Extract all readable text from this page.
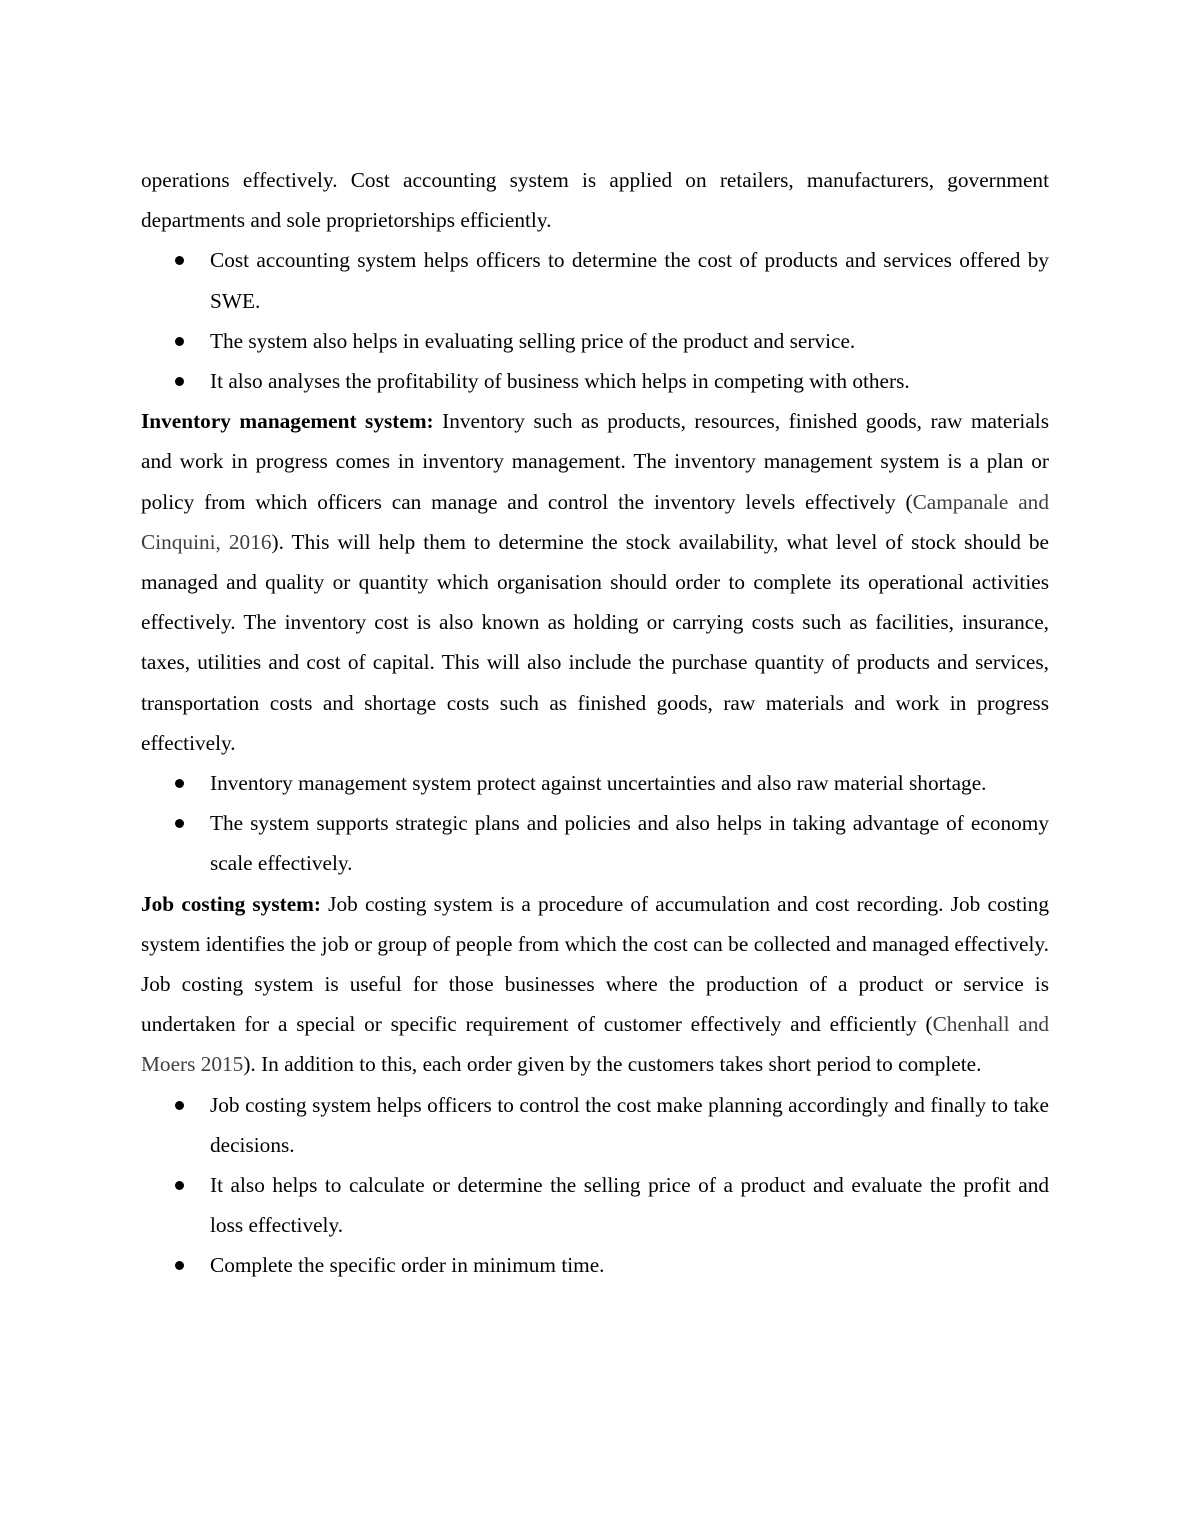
operations effectively. Cost accounting system is applied on retailers, manufacturers, government departments and sole proprietorships efficiently.

Cost accounting system helps officers to determine the cost of products and services offered by SWE.
The system also helps in evaluating selling price of the product and service.
It also analyses the profitability of business which helps in competing with others.

Inventory management system: Inventory such as products, resources, finished goods, raw materials and work in progress comes in inventory management. The inventory management system is a plan or policy from which officers can manage and control the inventory levels effectively (Campanale and Cinquini, 2016). This will help them to determine the stock availability, what level of stock should be managed and quality or quantity which organisation should order to complete its operational activities effectively. The inventory cost is also known as holding or carrying costs such as facilities, insurance, taxes, utilities and cost of capital. This will also include the purchase quantity of products and services, transportation costs and shortage costs such as finished goods, raw materials and work in progress effectively.

Inventory management system protect against uncertainties and also raw material shortage.
The system supports strategic plans and policies and also helps in taking advantage of economy scale effectively.

Job costing system: Job costing system is a procedure of accumulation and cost recording. Job costing system identifies the job or group of people from which the cost can be collected and managed effectively. Job costing system is useful for those businesses where the production of a product or service is undertaken for a special or specific requirement of customer effectively and efficiently (Chenhall and Moers 2015). In addition to this, each order given by the customers takes short period to complete.

Job costing system helps officers to control the cost make planning accordingly and finally to take decisions.
It also helps to calculate or determine the selling price of a product and evaluate the profit and loss effectively.
Complete the specific order in minimum time.
